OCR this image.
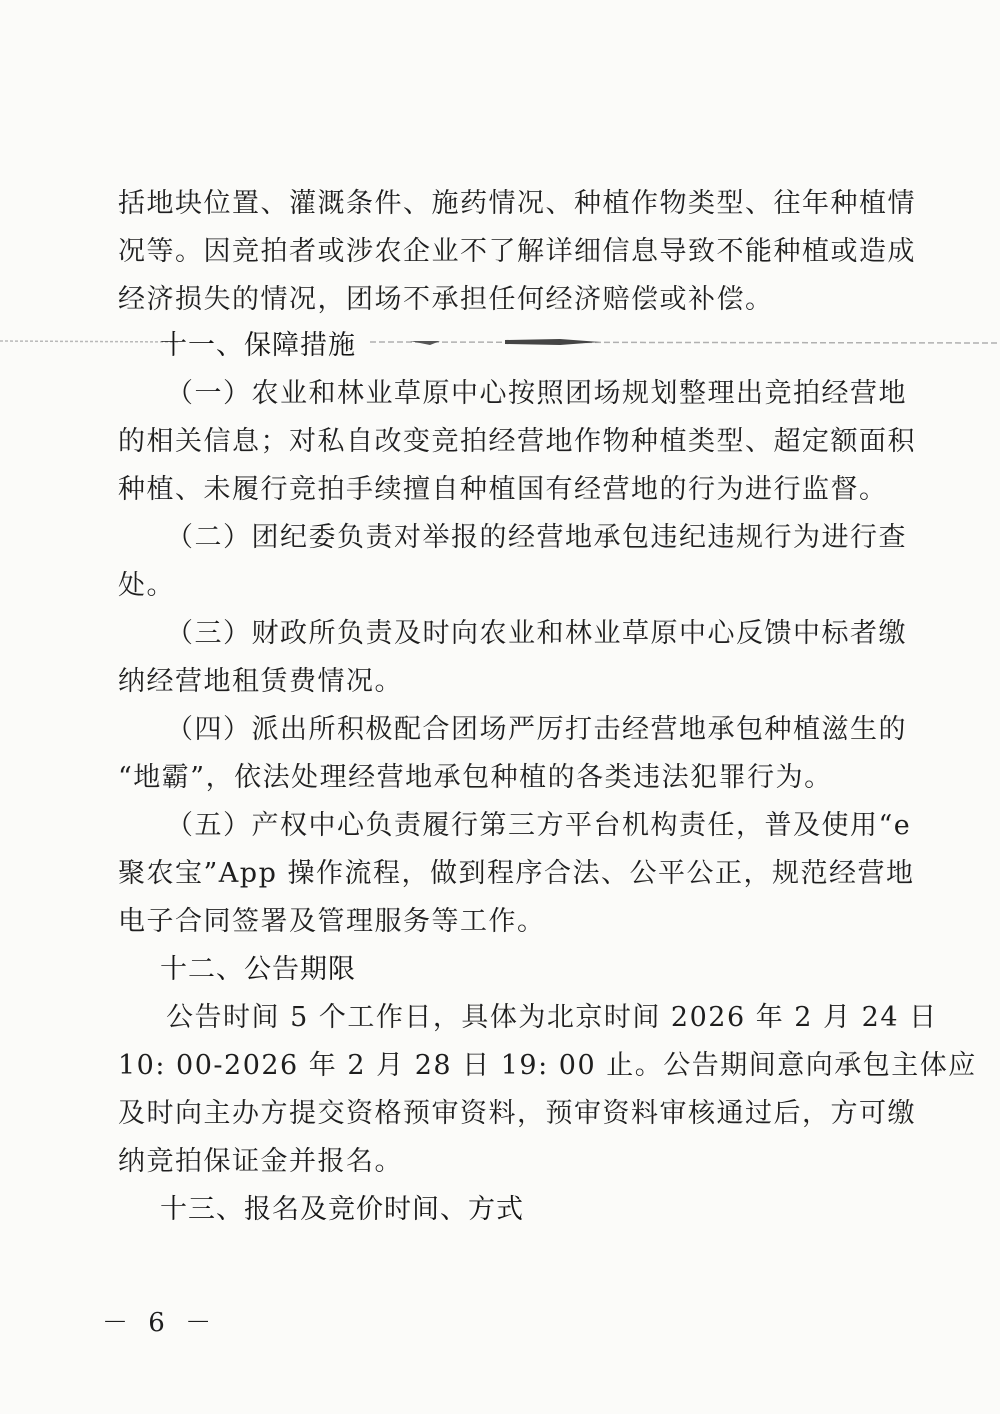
括地块位置、灌溉条件、施药情况、种植作物类型、往年种植情
况等。因竞拍者或涉农企业不了解详细信息导致不能种植或造成
经济损失的情况，团场不承担任何经济赔偿或补偿。
十一、保障措施
（一）农业和林业草原中心按照团场规划整理出竞拍经营地
的相关信息；对私自改变竞拍经营地作物种植类型、超定额面积
种植、未履行竞拍手续擅自种植国有经营地的行为进行监督。
（二）团纪委负责对举报的经营地承包违纪违规行为进行查
处。
（三）财政所负责及时向农业和林业草原中心反馈中标者缴
纳经营地租赁费情况。
（四）派出所积极配合团场严厉打击经营地承包种植滋生的
“地霸”，依法处理经营地承包种植的各类违法犯罪行为。
（五）产权中心负责履行第三方平台机构责任，普及使用“e
聚农宝”App 操作流程，做到程序合法、公平公正，规范经营地
电子合同签署及管理服务等工作。
十二、公告期限
公告时间 5 个工作日，具体为北京时间 2026 年 2 月 24 日
10: 00-2026 年 2 月 28 日 19: 00 止。公告期间意向承包主体应
及时向主办方提交资格预审资料，预审资料审核通过后，方可缴
纳竞拍保证金并报名。
十三、报名及竞价时间、方式
－ 6 －
